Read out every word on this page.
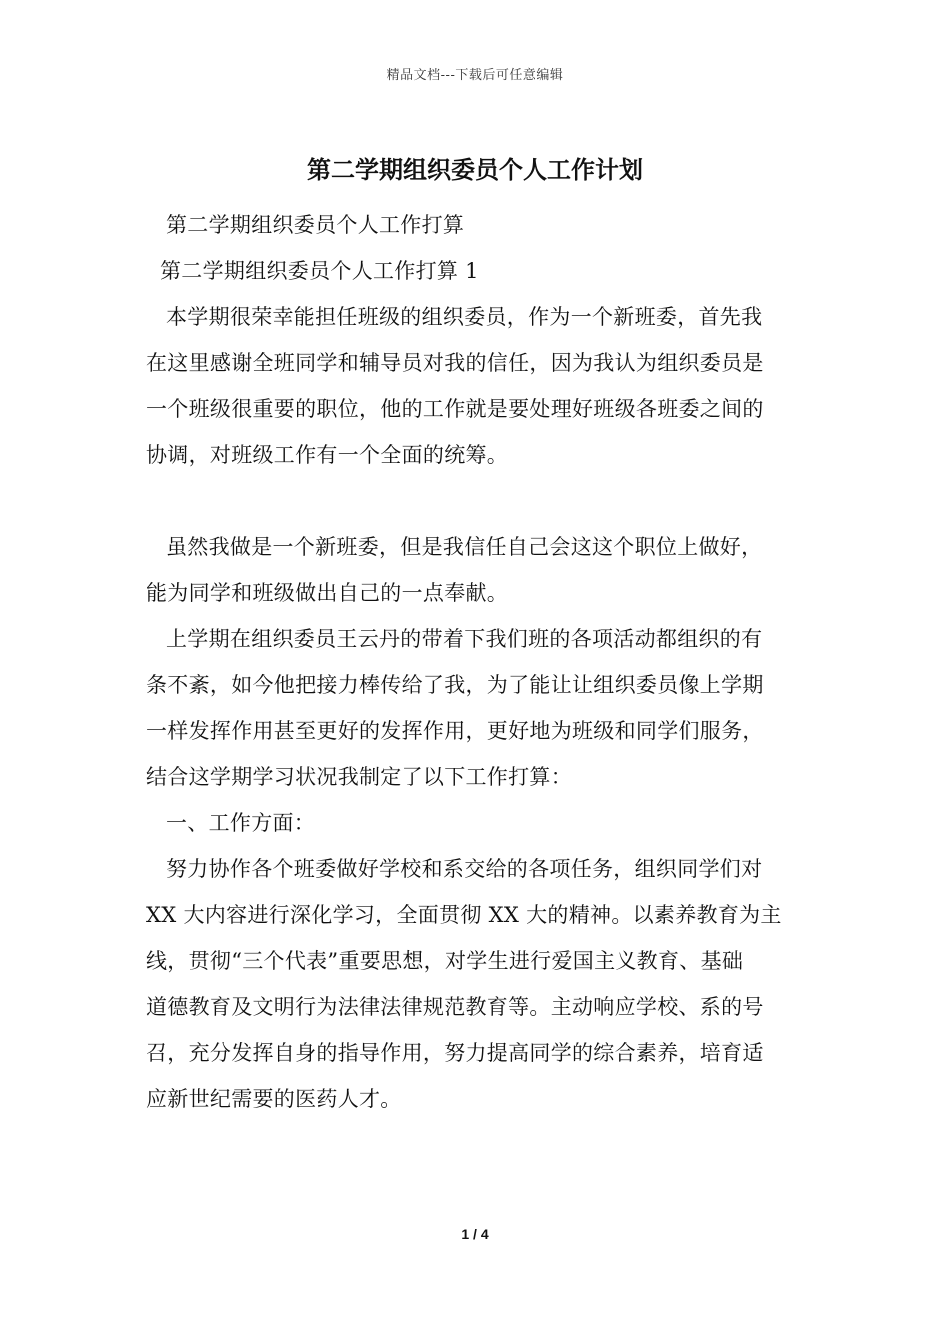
精品文档---下载后可任意编辑
第二学期组织委员个人工作计划
第二学期组织委员个人工作打算
第二学期组织委员个人工作打算 1
本学期很荣幸能担任班级的组织委员，作为一个新班委，首先我
在这里感谢全班同学和辅导员对我的信任，因为我认为组织委员是
一个班级很重要的职位，他的工作就是要处理好班级各班委之间的
协调，对班级工作有一个全面的统筹。
虽然我做是一个新班委，但是我信任自己会这这个职位上做好，
能为同学和班级做出自己的一点奉献。
上学期在组织委员王云丹的带着下我们班的各项活动都组织的有
条不紊，如今他把接力棒传给了我，为了能让让组织委员像上学期
一样发挥作用甚至更好的发挥作用，更好地为班级和同学们服务，
结合这学期学习状况我制定了以下工作打算：
一、工作方面：
努力协作各个班委做好学校和系交给的各项任务，组织同学们对
XX 大内容进行深化学习，全面贯彻 XX 大的精神。以素养教育为主
线，贯彻“三个代表”重要思想，对学生进行爱国主义教育、基础
道德教育及文明行为法律法律规范教育等。主动响应学校、系的号
召，充分发挥自身的指导作用，努力提高同学的综合素养，培育适
应新世纪需要的医药人才。
1 / 4
